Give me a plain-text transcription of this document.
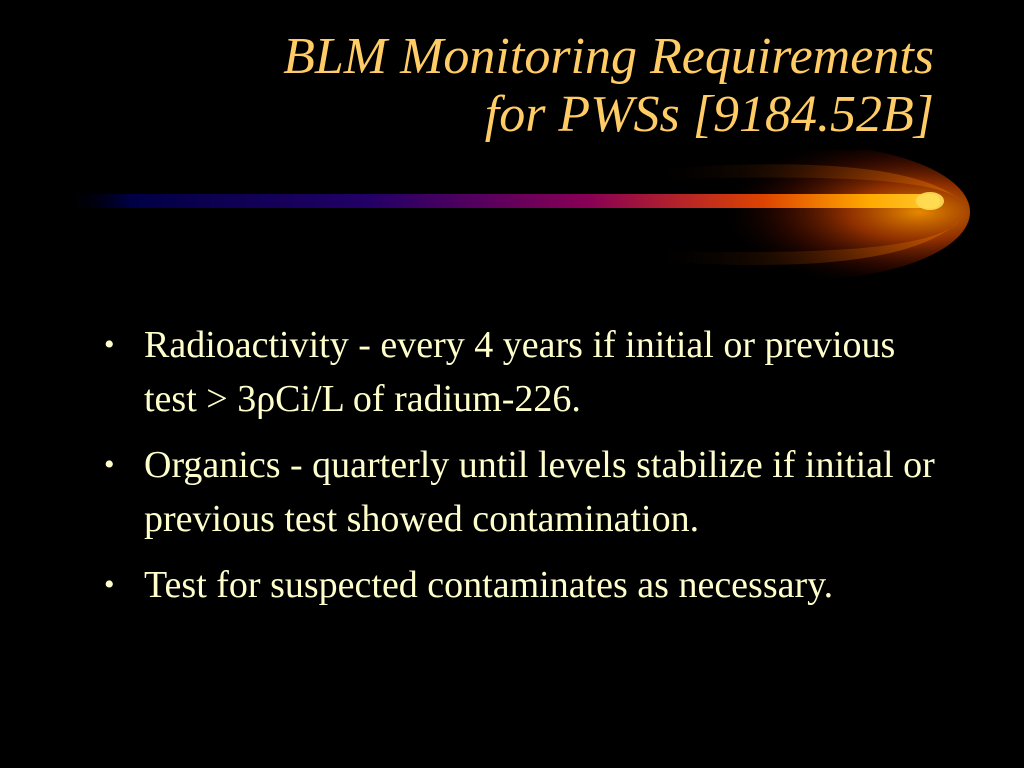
BLM Monitoring Requirements
for PWSs [9184.52B]
• Radioactivity - every 4 years if initial or previous test > 3ρCi/L of radium-226.
• Organics - quarterly until levels stabilize if initial or previous test showed contamination.
• Test for suspected contaminates as necessary.
